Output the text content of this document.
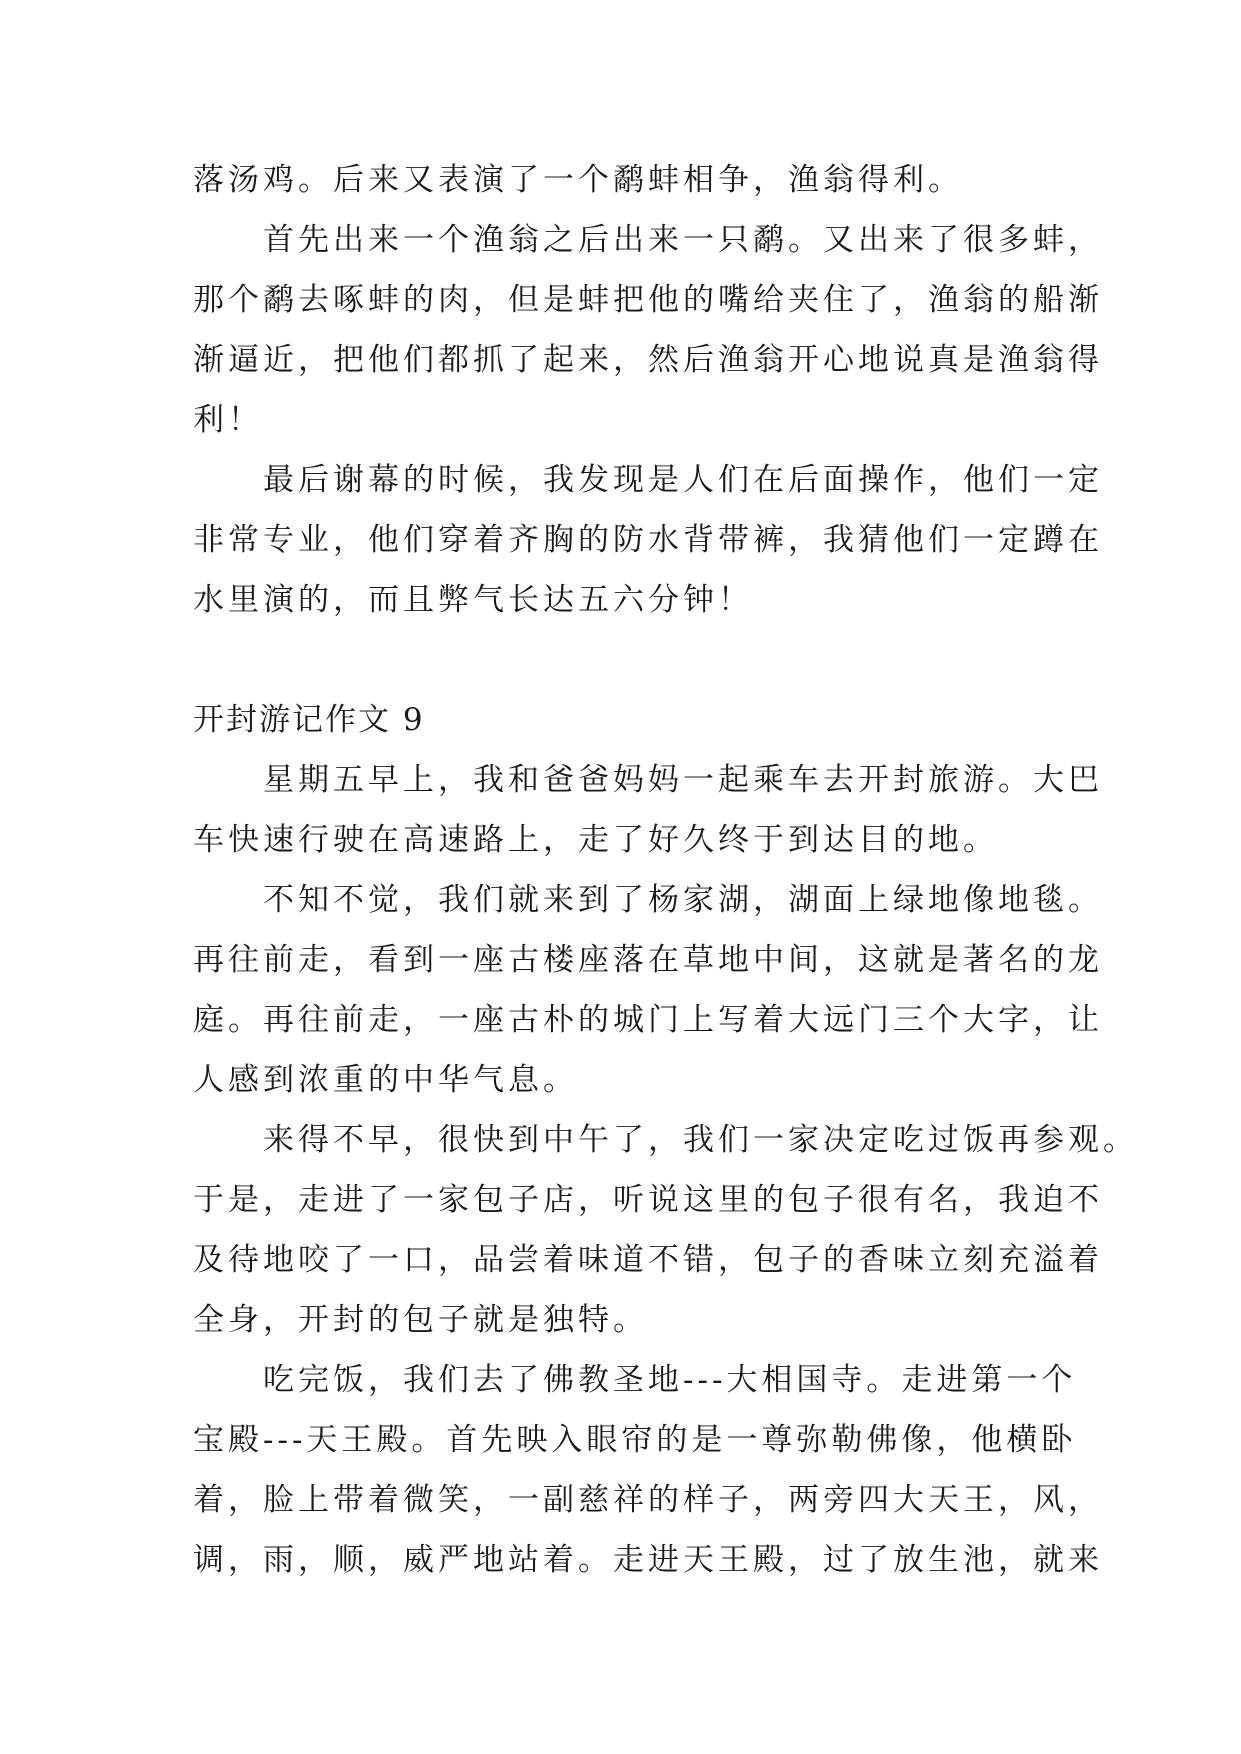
落汤鸡。后来又表演了一个鹬蚌相争，渔翁得利。

首先出来一个渔翁之后出来一只鹬。又出来了很多蚌，
那个鹬去啄蚌的肉，但是蚌把他的嘴给夹住了，渔翁的船渐
渐逼近，把他们都抓了起来，然后渔翁开心地说真是渔翁得
利！

最后谢幕的时候，我发现是人们在后面操作，他们一定
非常专业，他们穿着齐胸的防水背带裤，我猜他们一定蹲在
水里演的，而且弊气长达五六分钟！

开封游记作文 9

星期五早上，我和爸爸妈妈一起乘车去开封旅游。大巴
车快速行驶在高速路上，走了好久终于到达目的地。

不知不觉，我们就来到了杨家湖，湖面上绿地像地毯。
再往前走，看到一座古楼座落在草地中间，这就是著名的龙
庭。再往前走，一座古朴的城门上写着大远门三个大字，让
人感到浓重的中华气息。

来得不早，很快到中午了，我们一家决定吃过饭再参观。
于是，走进了一家包子店，听说这里的包子很有名，我迫不
及待地咬了一口，品尝着味道不错，包子的香味立刻充溢着
全身，开封的包子就是独特。

吃完饭，我们去了佛教圣地---大相国寺。走进第一个
宝殿---天王殿。首先映入眼帘的是一尊弥勒佛像，他横卧
着，脸上带着微笑，一副慈祥的样子，两旁四大天王，风，
调，雨，顺，威严地站着。走进天王殿，过了放生池，就来
